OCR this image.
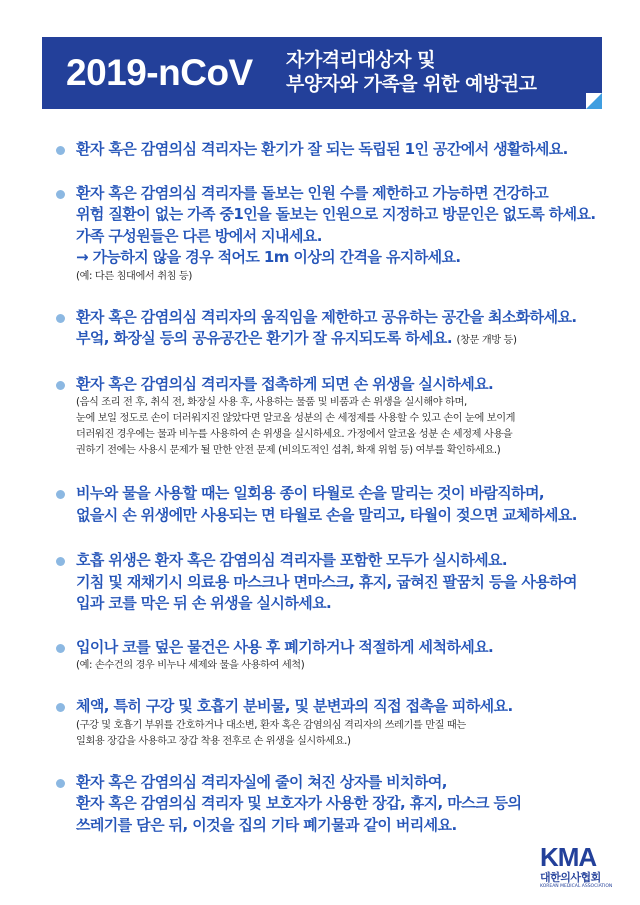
2019-nCoV 자가격리대상자 및
부양자와 가족을 위한 예방권고

환자 혹은 감염의심 격리자는 환기가 잘 되는 독립된 1인 공간에서 생활하세요.

환자 혹은 감염의심 격리자를 돌보는 인원 수를 제한하고 가능하면 건강하고

위험 질환이 없는 가족 중1인을 돌보는 인원으로 지정하고 방문인은 없도록 하세요.

가족 구성원들은 다른 방에서 지내세요.

→ 가능하지 않을 경우 적어도 1m 이상의 간격을 유지하세요.

(예: 다른 침대에서 취침 등)

환자 혹은 감염의심 격리자의 움직임을 제한하고 공유하는 공간을 최소화하세요.

부엌, 화장실 등의 공유공간은 환기가 잘 유지되도록 하세요. (창문 개방 등)

환자 혹은 감염의심 격리자를 접촉하게 되면 손 위생을 실시하세요.

(음식 조리 전 후, 취식 전, 화장실 사용 후, 사용하는 물품 및 비품과 손 위생을 실시해야 하며,

눈에 보일 정도로 손이 더러워지진 않았다면 알코올 성분의 손 세정제를 사용할 수 있고 손이 눈에 보이게

더러워진 경우에는 물과 비누를 사용하여 손 위생을 실시하세요. 가정에서 알코올 성분 손 세정제 사용을

권하기 전에는 사용시 문제가 될 만한 안전 문제 (비의도적인 섭취, 화재 위험 등) 여부를 확인하세요.)

비누와 물을 사용할 때는 일회용 종이 타월로 손을 말리는 것이 바람직하며,

없을시 손 위생에만 사용되는 면 타월로 손을 말리고, 타월이 젖으면 교체하세요.

호흡 위생은 환자 혹은 감염의심 격리자를 포함한 모두가 실시하세요.

기침 및 재채기시 의료용 마스크나 면마스크, 휴지, 굽혀진 팔꿈치 등을 사용하여

입과 코를 막은 뒤 손 위생을 실시하세요.

입이나 코를 덮은 물건은 사용 후 폐기하거나 적절하게 세척하세요.

(예: 손수건의 경우 비누나 세제와 물을 사용하여 세척)

체액, 특히 구강 및 호흡기 분비물, 및 분변과의 직접 접촉을 피하세요.

(구강 및 호흡기 부위를 간호하거나 대소변, 환자 혹은 감염의심 격리자의 쓰레기를 만질 때는

일회용 장갑을 사용하고 장갑 착용 전후로 손 위생을 실시하세요.)

환자 혹은 감염의심 격리자실에 줄이 쳐진 상자를 비치하여,

환자 혹은 감염의심 격리자 및 보호자가 사용한 장갑, 휴지, 마스크 등의

쓰레기를 담은 뒤, 이것을 집의 기타 폐기물과 같이 버리세요.

KMA
대한의사협회
KOREAN MEDICAL ASSOCIATION
